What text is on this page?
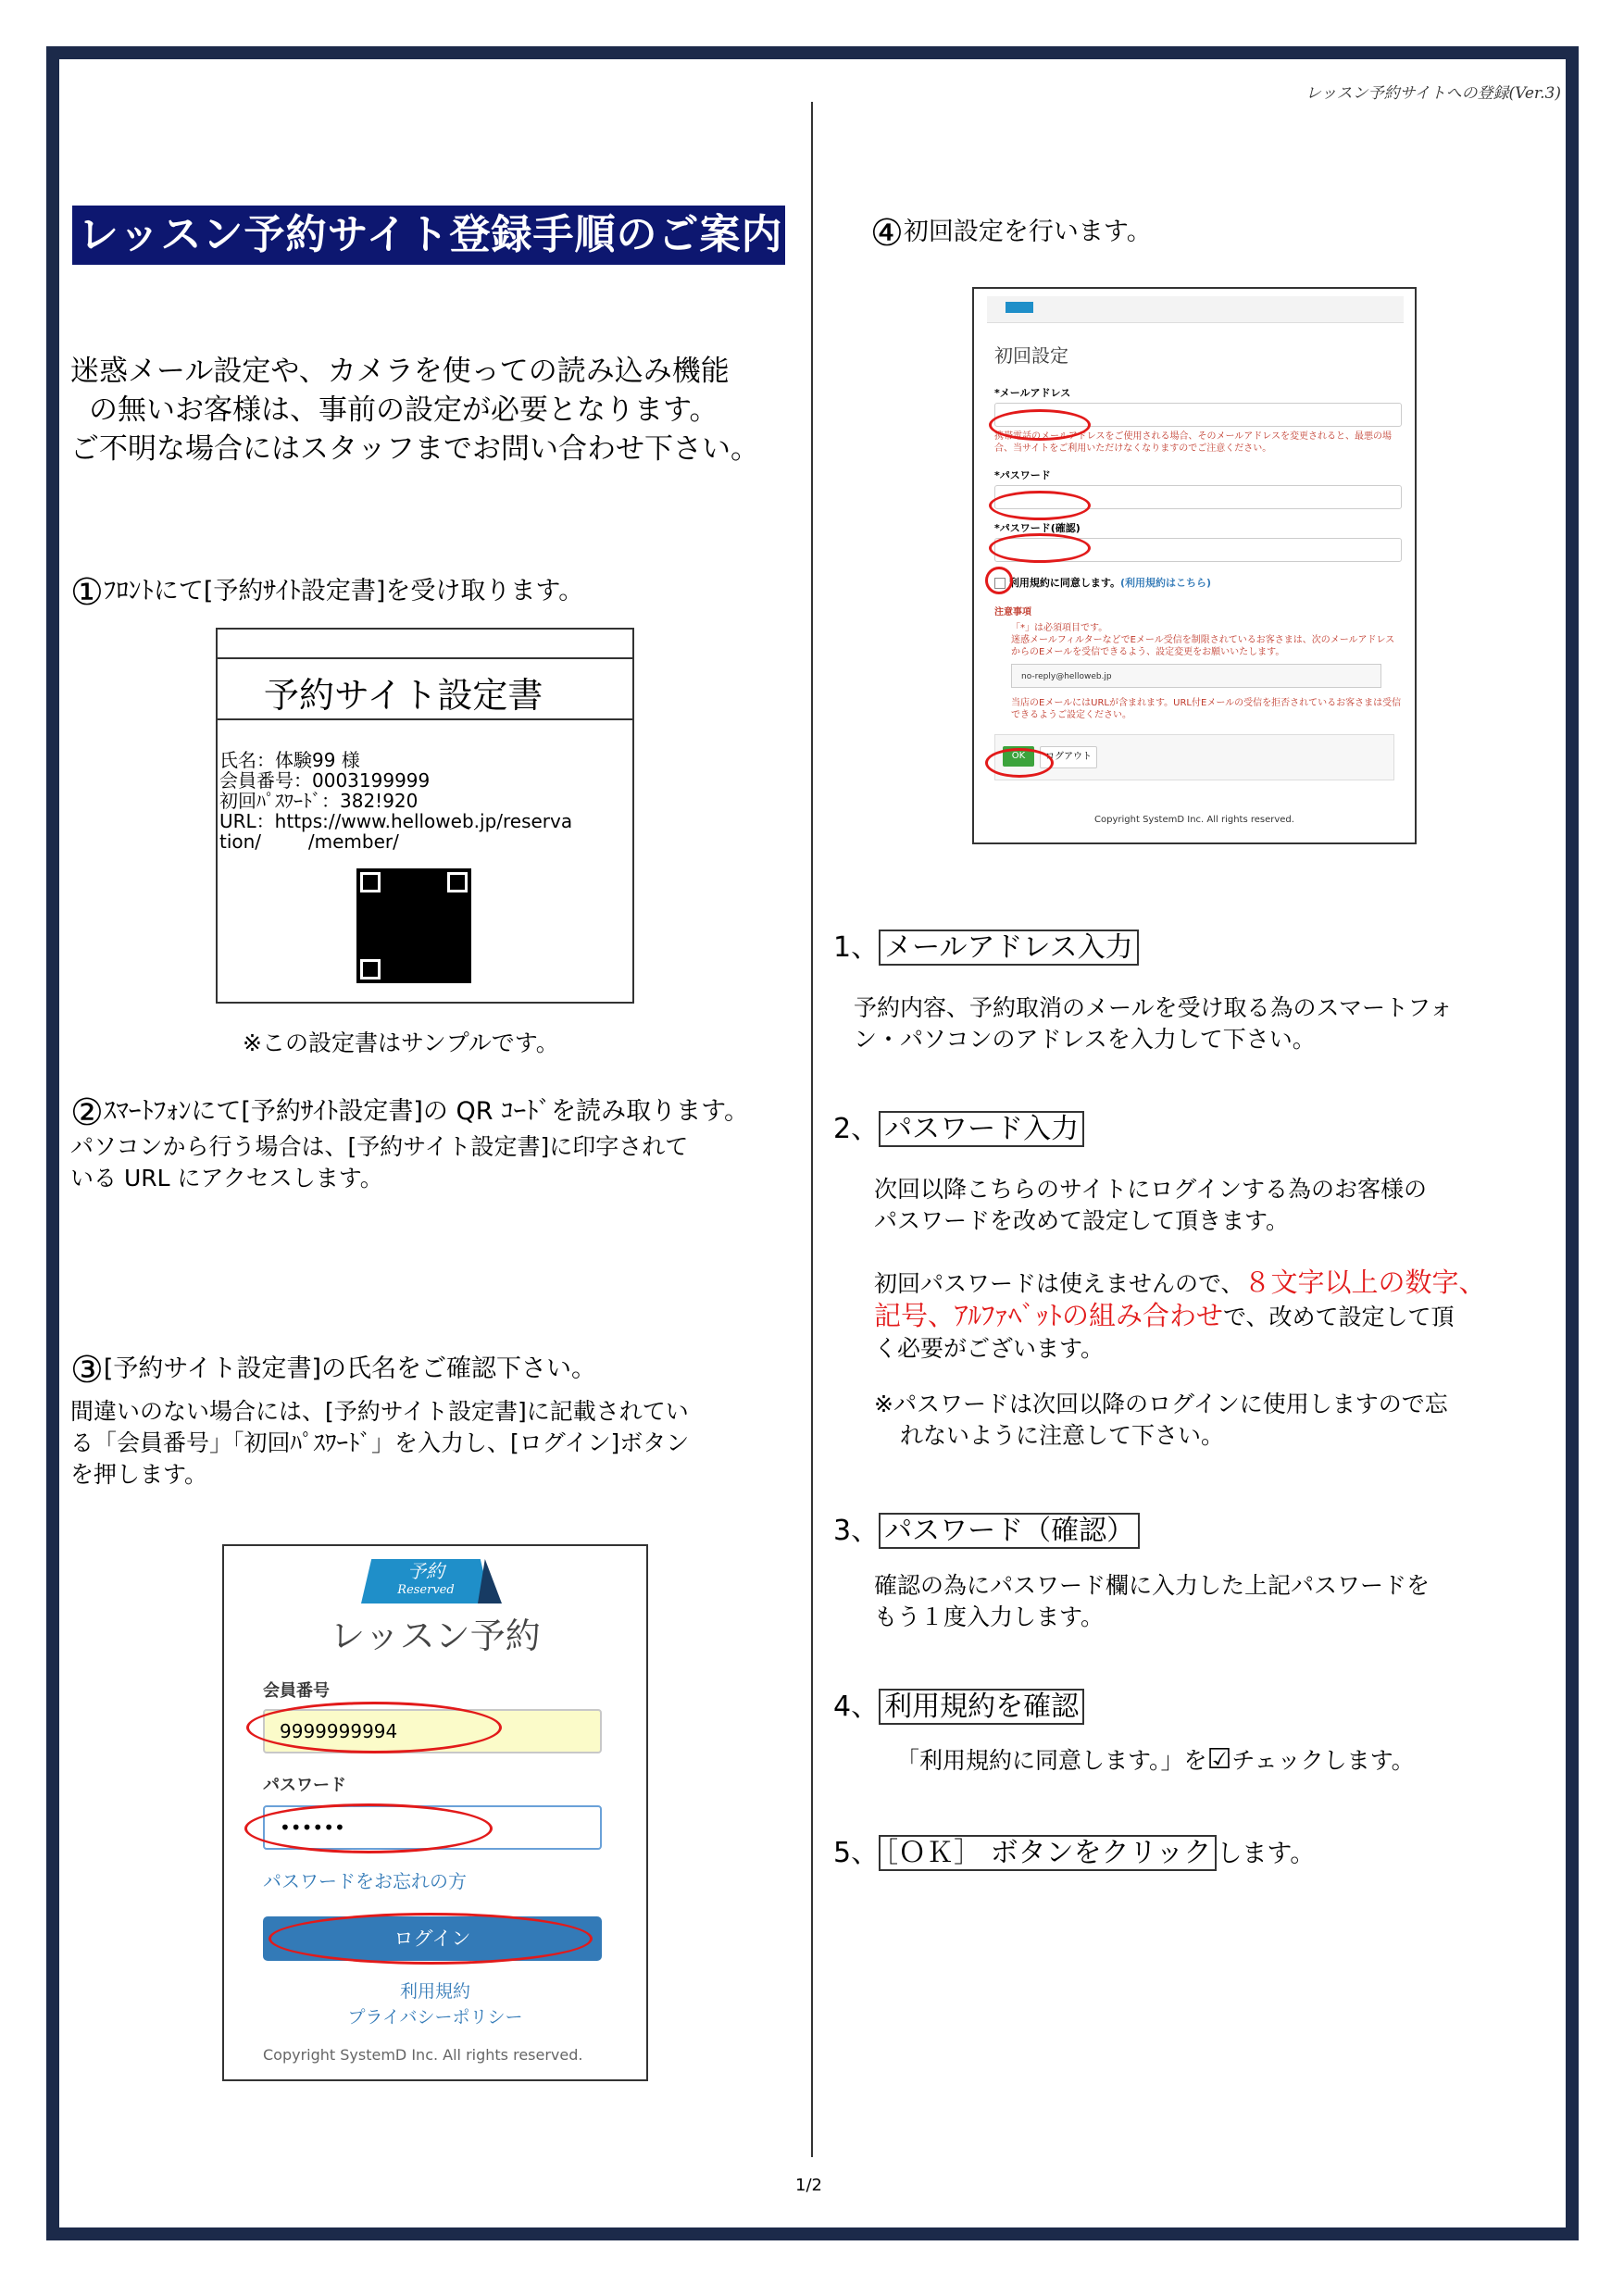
レッスン予約サイトへの登録(Ver.3)
レッスン予約サイト登録手順のご案内
迷惑メール設定や、カメラを使っての読み込み機能
の無いお客様は、事前の設定が必要となります。
ご不明な場合にはスタッフまでお問い合わせ下さい。
①ﾌﾛﾝﾄにて[予約ｻｲﾄ設定書]を受け取ります。
予約サイト設定書
氏名：体験99 様
会員番号：0003199999
初回ﾊﾟｽﾜｰﾄﾞ：382!920
URL：https://www.helloweb.jp/reserva
tion/        /member/
※この設定書はサンプルです。
②ｽﾏｰﾄﾌｫﾝにて[予約ｻｲﾄ設定書]の QR ｺｰﾄﾞを読み取ります。
パソコンから行う場合は、[予約サイト設定書]に印字されて
いる URL にアクセスします。
③[予約サイト設定書]の氏名をご確認下さい。
間違いのない場合には、[予約サイト設定書]に記載されてい
る「会員番号」「初回ﾊﾟｽﾜｰﾄﾞ」を入力し、[ログイン]ボタン
を押します。
予約
Reserved
レッスン予約
会員番号
9999999994
パスワード
••••••
パスワードをお忘れの方
ログイン
利用規約
プライバシーポリシー
Copyright SystemD Inc. All rights reserved.
④初回設定を行います。
初回設定
*メールアドレス
携帯電話のメールアドレスをご使用される場合、そのメールアドレスを変更されると、最悪の場合、当サイトをご利用いただけなくなりますのでご注意ください。
*パスワード
*パスワード(確認)
利用規約に同意します。(利用規約はこちら)
注意事項
「*」は必須項目です。
迷惑メールフィルターなどでEメール受信を制限されているお客さまは、次のメールアドレスからのEメールを受信できるよう、設定変更をお願いいたします。
no-reply@helloweb.jp
当店のEメールにはURLが含まれます。URL付Eメールの受信を拒否されているお客さまは受信できるようご設定ください。
OK	ログアウト
Copyright SystemD Inc. All rights reserved.
1、 メールアドレス入力
予約内容、予約取消のメールを受け取る為のスマートフォ
ン・パソコンのアドレスを入力して下さい。
2、 パスワード入力
次回以降こちらのサイトにログインする為のお客様の
パスワードを改めて設定して頂きます。
初回パスワードは使えませんので、８文字以上の数字、
記号、ｱﾙﾌｧﾍﾞｯﾄの組み合わせで、改めて設定して頂
く必要がございます。
※パスワードは次回以降のログインに使用しますので忘
れないように注意して下さい。
3、 パスワード（確認）
確認の為にパスワード欄に入力した上記パスワードを
もう１度入力します。
4、 利用規約を確認
「利用規約に同意します。」を☑チェックします。
5、 ［ＯＫ］ ボタンをクリック します。
1/2
